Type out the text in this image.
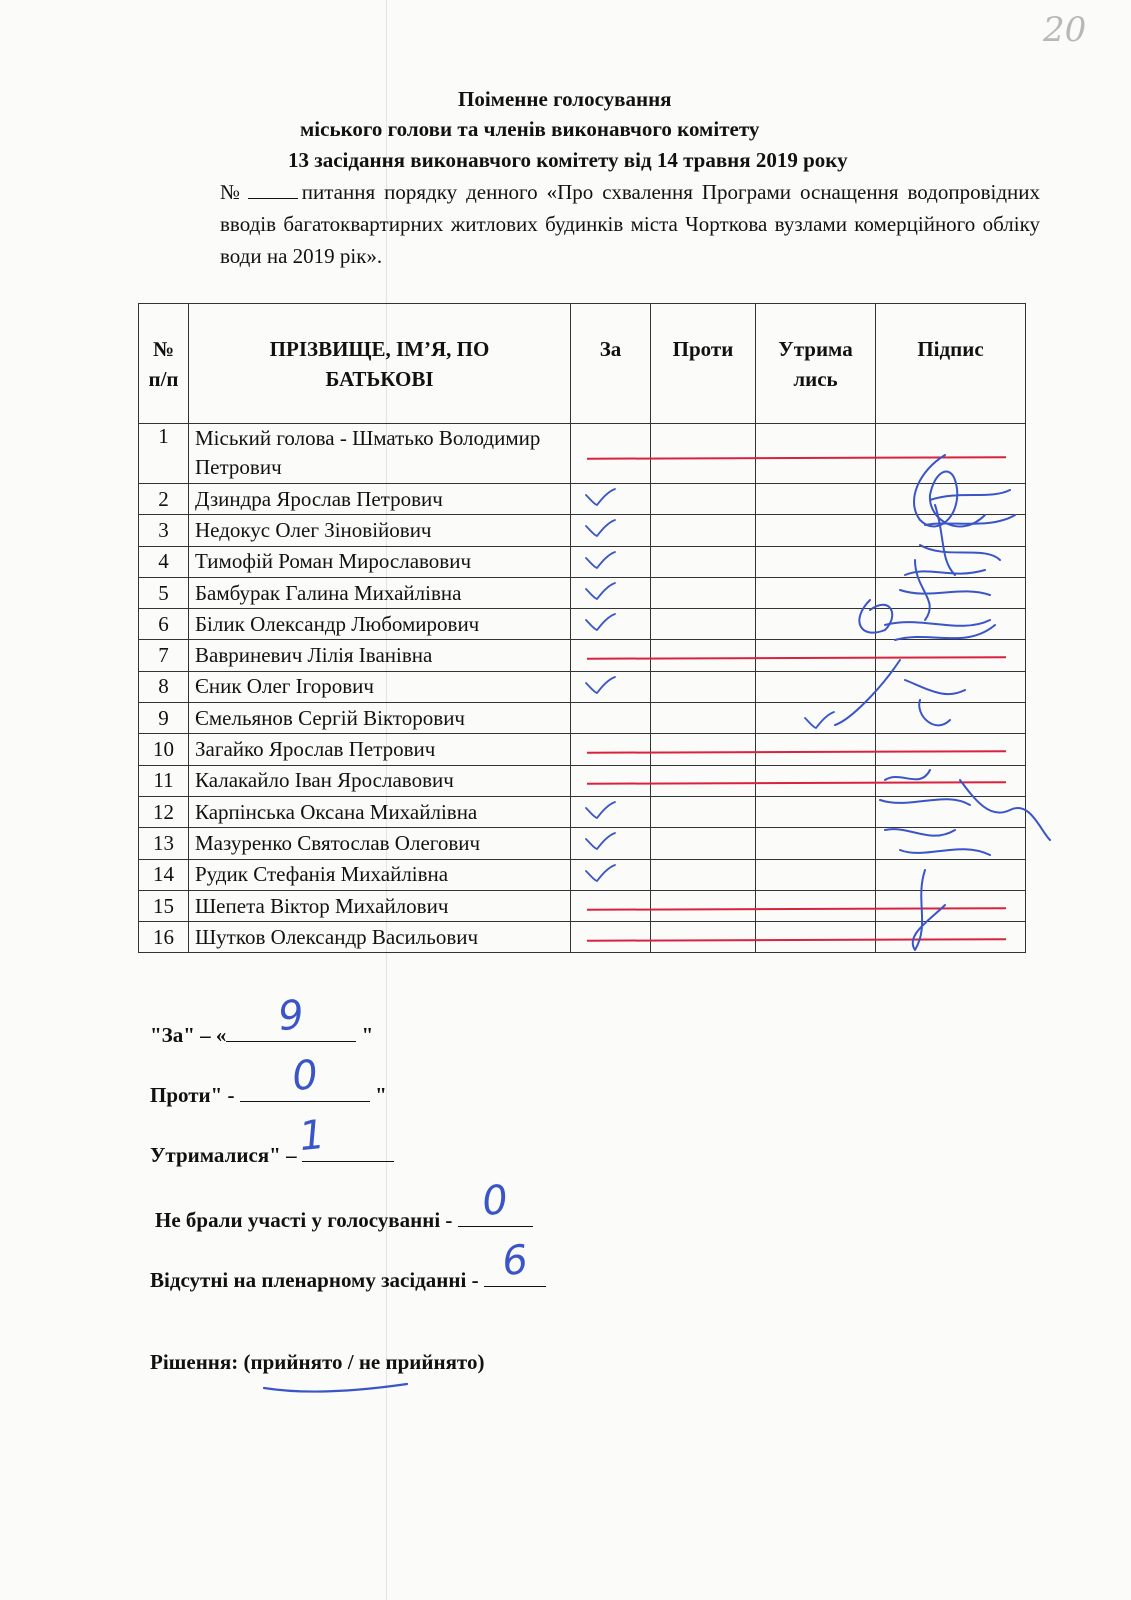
20
Поіменне голосування
міського голови та членів виконавчого комітету
13 засідання виконавчого комітету від 14 травня 2019 року
№	питання порядку денного «Про схвалення Програми оснащення водопровідних вводів багатоквартирних житлових будинків міста Чорткова вузлами комерційного обліку води на 2019 рік».
№ п/п	ПРІЗВИЩЕ, ІМ’Я, ПО БАТЬКОВІ	За	Проти	Утрима лись	Підпис
1	Міський голова - Шматько Володимир Петрович				
2	Дзиндра Ярослав Петрович	

3	Недокус Олег Зіновійович	

4	Тимофій Роман Мирославович	

5	Бамбурак Галина Михайлівна	

6	Білик Олександр Любомирович	

7	Вавриневич Лілія Іванівна				
8	Єник Олег Ігорович	

9	Ємельянов Сергій Вікторович			

10	Загайко Ярослав Петрович				
11	Калакайло Іван Ярославович				
12	Карпінська Оксана Михайлівна	

13	Мазуренко Святослав Олегович	

14	Рудик Стефанія Михайлівна	

15	Шепета Віктор Михайлович				
16	Шутков Олександр Васильович				
"За" – « 9 "
Проти" - 0 "
Утрималися" –
1
Не брали участі у голосуванні - 0
Відсутні на пленарному засіданні - 6
Рішення: (прийнято / не прийнято)
